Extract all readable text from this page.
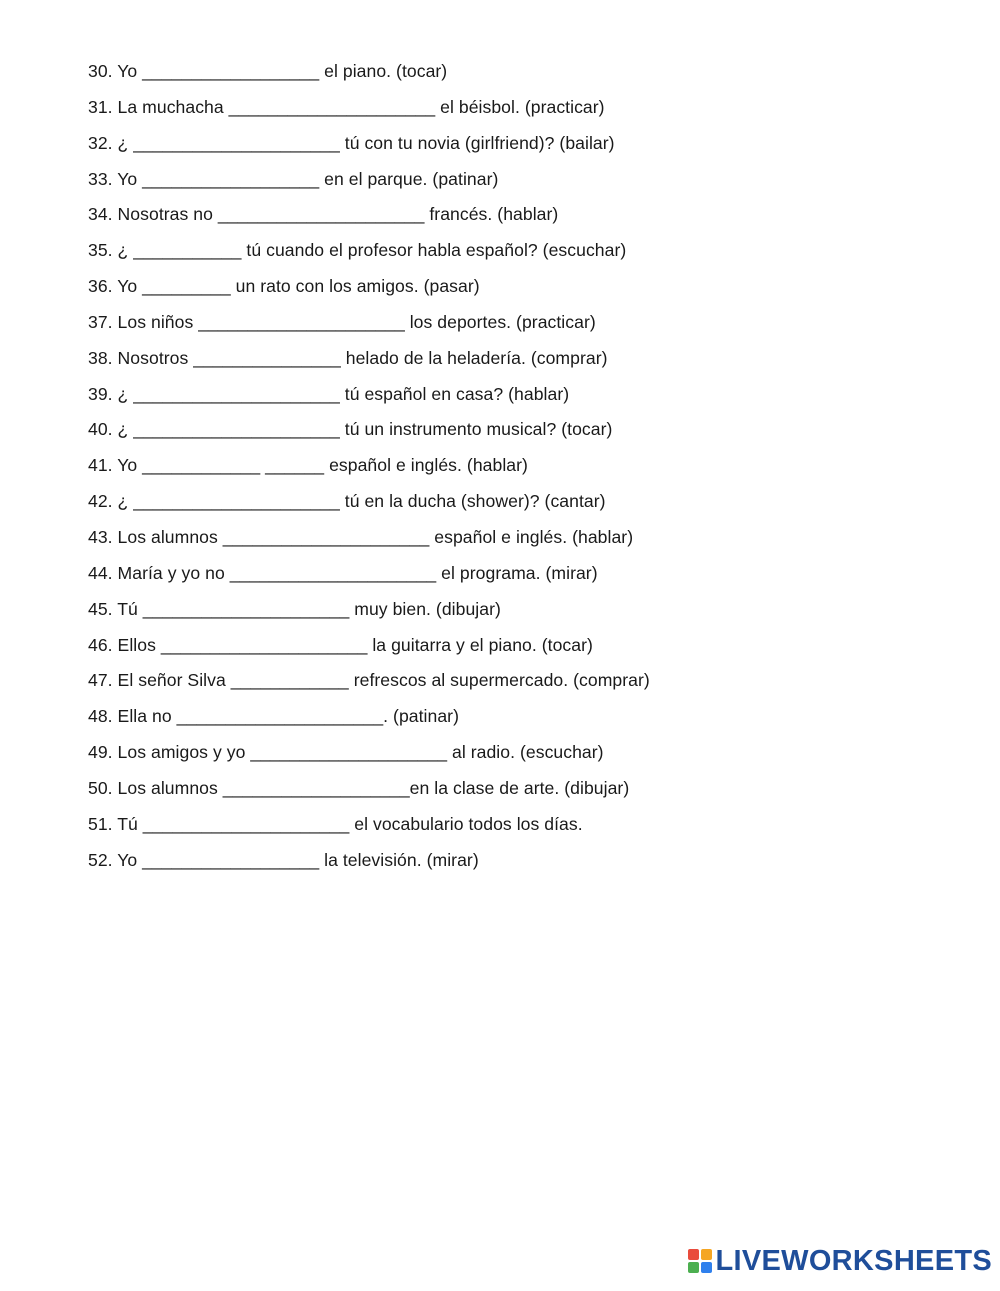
30. Yo __________________ el piano. (tocar)
31. La muchacha _____________________ el béisbol. (practicar)
32. ¿ _____________________ tú con tu novia (girlfriend)? (bailar)
33. Yo __________________ en el parque. (patinar)
34. Nosotras no _____________________ francés. (hablar)
35. ¿ ___________ tú cuando el profesor habla español? (escuchar)
36. Yo _________ un rato con los amigos. (pasar)
37. Los niños _____________________ los deportes. (practicar)
38. Nosotros _______________ helado de la heladería. (comprar)
39. ¿ _____________________ tú español en casa? (hablar)
40. ¿ _____________________ tú un instrumento musical? (tocar)
41. Yo ____________ ______ español e inglés. (hablar)
42. ¿ _____________________ tú en la ducha (shower)? (cantar)
43. Los alumnos _____________________ español e inglés. (hablar)
44. María y yo no _____________________ el programa. (mirar)
45. Tú _____________________ muy bien. (dibujar)
46. Ellos _____________________ la guitarra y el piano. (tocar)
47. El señor Silva ____________ refrescos al supermercado. (comprar)
48. Ella no _____________________. (patinar)
49. Los amigos y yo ____________________ al radio. (escuchar)
50. Los alumnos ___________________en la clase de arte. (dibujar)
51. Tú _____________________ el vocabulario todos los días.
52. Yo __________________ la televisión. (mirar)
LIVEWORKSHEETS
